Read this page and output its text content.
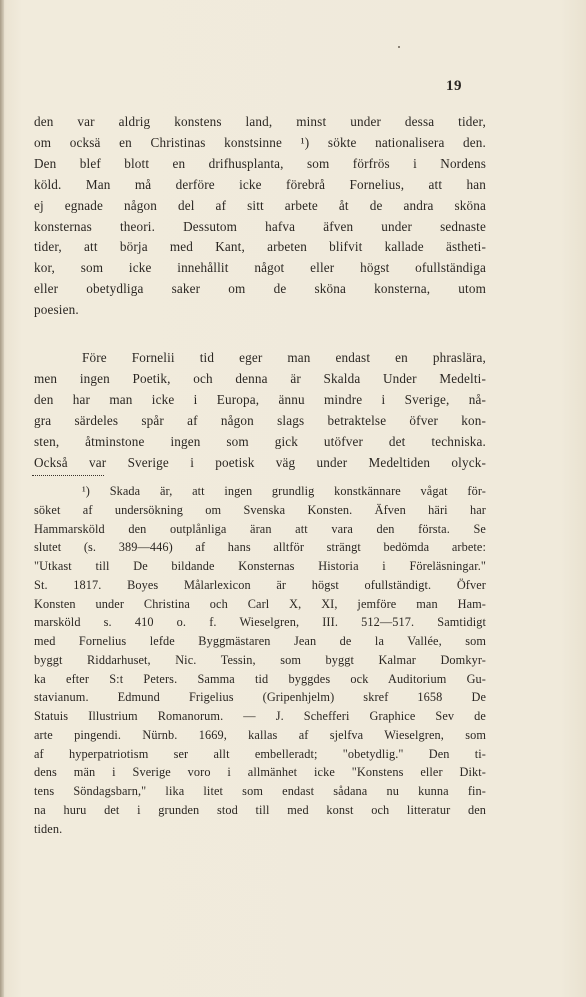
19
den var aldrig konstens land, minst under dessa tider,
om ocksä en Christinas konstsinne ¹) sökte nationalisera den.
Den blef blott en drifhusplanta, som förfrös i Nordens
köld. Man må derföre icke förebrå Fornelius, att han
ej egnade någon del af sitt arbete åt de andra sköna
konsternas theori. Dessutom hafva äfven under sednaste
tider, att börja med Kant, arbeten blifvit kallade ästheti-
kor, som icke innehållit något eller högst ofullständiga
eller obetydliga saker om de sköna konsterna, utom
poesien.
Före Fornelii tid eger man endast en phraslära,
men ingen Poetik, och denna är Skalda Under Medelti-
den har man icke i Europa, ännu mindre i Sverige, nå-
gra särdeles spår af någon slags betraktelse öfver kon-
sten, åtminstone ingen som gick utöfver det techniska.
Också var Sverige i poetisk väg under Medeltiden olyck-
¹) Skada är, att ingen grundlig konstkännare vågat för-
söket af undersökning om Svenska Konsten. Äfven häri har
Hammarsköld den outplånliga äran att vara den första. Se
slutet (s. 389—446) af hans alltför strängt bedömda arbete:
"Utkast till De bildande Konsternas Historia i Föreläsningar."
St. 1817. Boyes Målarlexicon är högst ofullständigt. Öfver
Konsten under Christina och Carl X, XI, jemföre man Ham-
marsköld s. 410 o. f. Wieselgren, III. 512—517. Samtidigt
med Fornelius lefde Byggmästaren Jean de la Vallée, som
byggt Riddarhuset, Nic. Tessin, som byggt Kalmar Domkyr-
ka efter S:t Peters. Samma tid byggdes ock Auditorium Gu-
stavianum. Edmund Frigelius (Gripenhjelm) skref 1658 De
Statuis Illustrium Romanorum. — J. Schefferi Graphice Sev de
arte pingendi. Nürnb. 1669, kallas af sjelfva Wieselgren, som
af hyperpatriotism ser allt embelleradt; "obetydlig." Den ti-
dens män i Sverige voro i allmänhet icke "Konstens eller Dikt-
tens Söndagsbarn," lika litet som endast sådana nu kunna fin-
na huru det i grunden stod till med konst och litteratur den
tiden.
